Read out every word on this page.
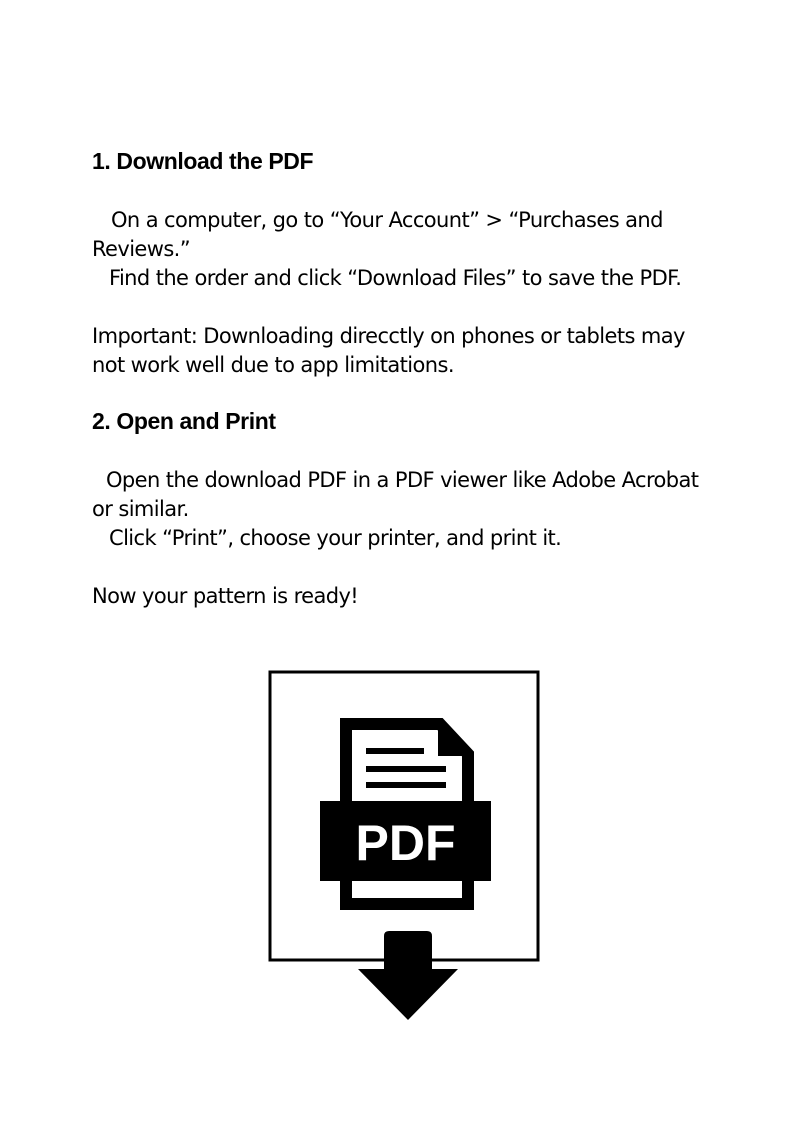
1. Download the PDF

On a computer, go to “Your Account” > “Purchases and
Reviews.”
Find the order and click “Download Files” to save the PDF.

Important: Downloading direcctly on phones or tablets may
not work well due to app limitations.

2. Open and Print

Open the download PDF in a PDF viewer like Adobe Acrobat
or similar.
Click “Print”, choose your printer, and print it.

Now your pattern is ready!

PDF
